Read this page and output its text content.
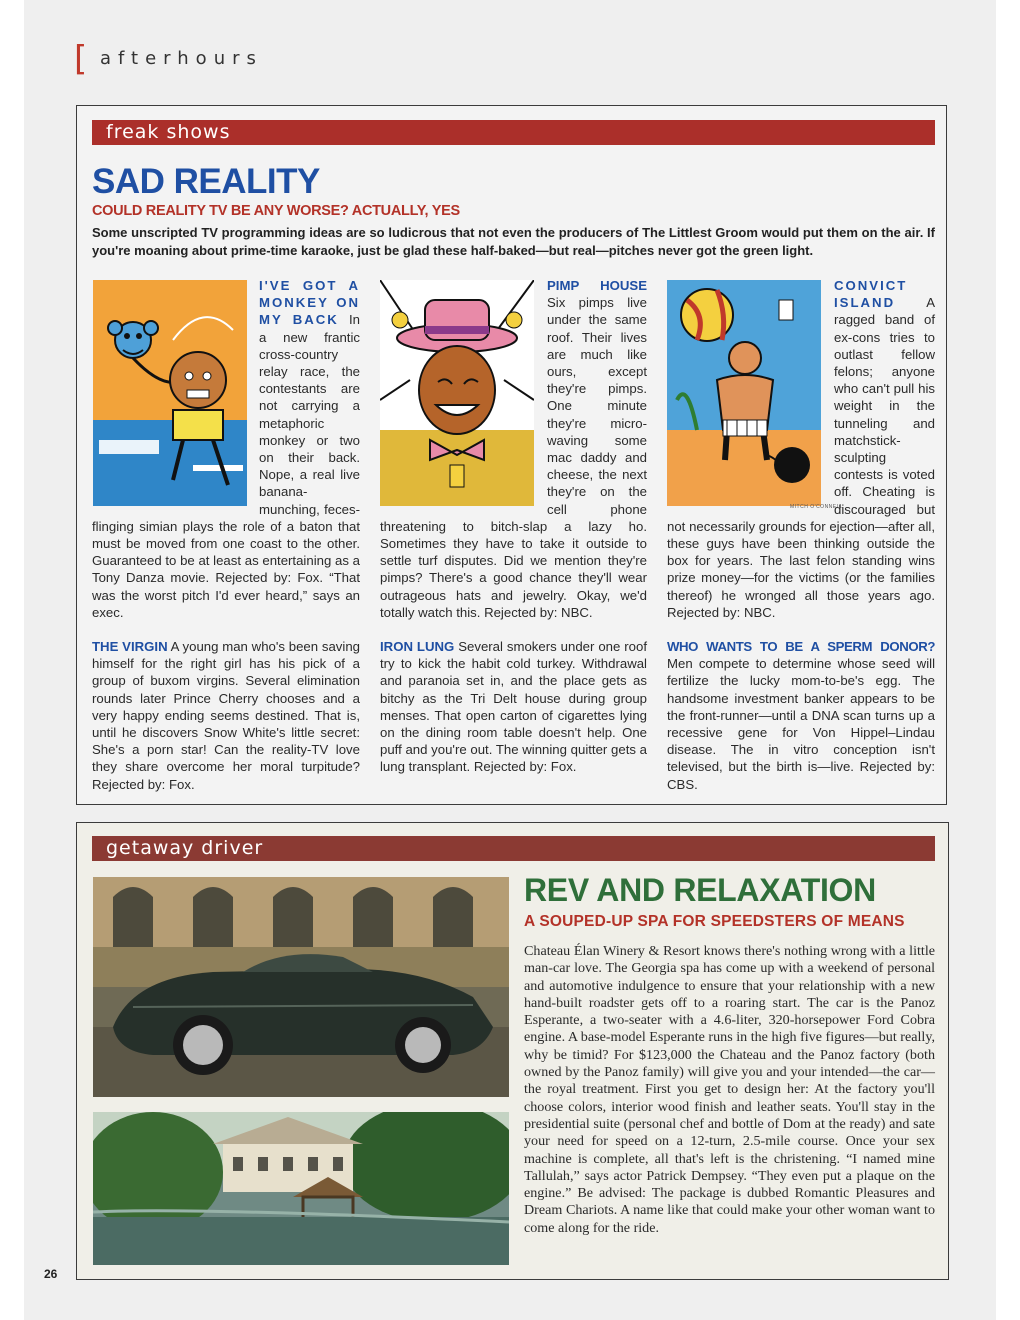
[ afterhours
freak shows
SAD REALITY
COULD REALITY TV BE ANY WORSE? ACTUALLY, YES
Some unscripted TV programming ideas are so ludicrous that not even the producers of The Littlest Groom would put them on the air. If you're moaning about prime-time karaoke, just be glad these half-baked—but real—pitches never got the green light.
MITCH O'CONNELL
I'VE GOT A MONKEY ON MY BACK In a new frantic cross-country relay race, the contestants are not carrying a metaphoric monkey or two on their back. Nope, a real live banana-munching, feces-flinging simian plays the role of a baton that must be moved from one coast to the other. Guaranteed to be at least as entertaining as a Tony Danza movie. Rejected by: Fox. “That was the worst pitch I'd ever heard,” says an exec.
PIMP HOUSE Six pimps live under the same roof. Their lives are much like ours, except they're pimps. One minute they're micro-waving some mac daddy and cheese, the next they're on the cell phone threatening to bitch-slap a lazy ho. Sometimes they have to take it outside to settle turf disputes. Did we mention they're pimps? There's a good chance they'll wear outrageous hats and jewelry. Okay, we'd totally watch this. Rejected by: NBC.
CONVICT ISLAND A ragged band of ex-cons tries to outlast fellow felons; anyone who can't pull his weight in the tunneling and matchstick-sculpting contests is voted off. Cheating is discouraged but not necessarily grounds for ejection—after all, these guys have been thinking outside the box for years. The last felon standing wins prize money—for the victims (or the families thereof) he wronged all those years ago. Rejected by: NBC.
THE VIRGIN A young man who's been saving himself for the right girl has his pick of a group of buxom virgins. Several elimination rounds later Prince Cherry chooses and a very happy ending seems destined. That is, until he discovers Snow White's little secret: She's a porn star! Can the reality-TV love they share overcome her moral turpitude? Rejected by: Fox.
IRON LUNG Several smokers under one roof try to kick the habit cold turkey. Withdrawal and paranoia set in, and the place gets as bitchy as the Tri Delt house during group menses. That open carton of cigarettes lying on the dining room table doesn't help. One puff and you're out. The winning quitter gets a lung transplant. Rejected by: Fox.
WHO WANTS TO BE A SPERM DONOR? Men compete to determine whose seed will fertilize the lucky mom-to-be's egg. The handsome investment banker appears to be the front-runner—until a DNA scan turns up a recessive gene for Von Hippel–Lindau disease. The in vitro conception isn't televised, but the birth is—live. Rejected by: CBS.
getaway driver
REV AND RELAXATION
A SOUPED-UP SPA FOR SPEEDSTERS OF MEANS
Chateau Élan Winery & Resort knows there's nothing wrong with a little man-car love. The Georgia spa has come up with a weekend of personal and automotive indulgence to ensure that your relationship with a new hand-built roadster gets off to a roaring start. The car is the Panoz Esperante, a two-seater with a 4.6-liter, 320-horsepower Ford Cobra engine. A base-model Esperante runs in the high five figures—but really, why be timid? For $123,000 the Chateau and the Panoz factory (both owned by the Panoz family) will give you and your intended—the car—the royal treatment. First you get to design her: At the factory you'll choose colors, interior wood finish and leather seats. You'll stay in the presidential suite (personal chef and bottle of Dom at the ready) and sate your need for speed on a 12-turn, 2.5-mile course. Once your sex machine is complete, all that's left is the christening. “I named mine Tallulah,” says actor Patrick Dempsey. “They even put a plaque on the engine.” Be advised: The package is dubbed Romantic Pleasures and Dream Chariots. A name like that could make your other woman want to come along for the ride.
26
